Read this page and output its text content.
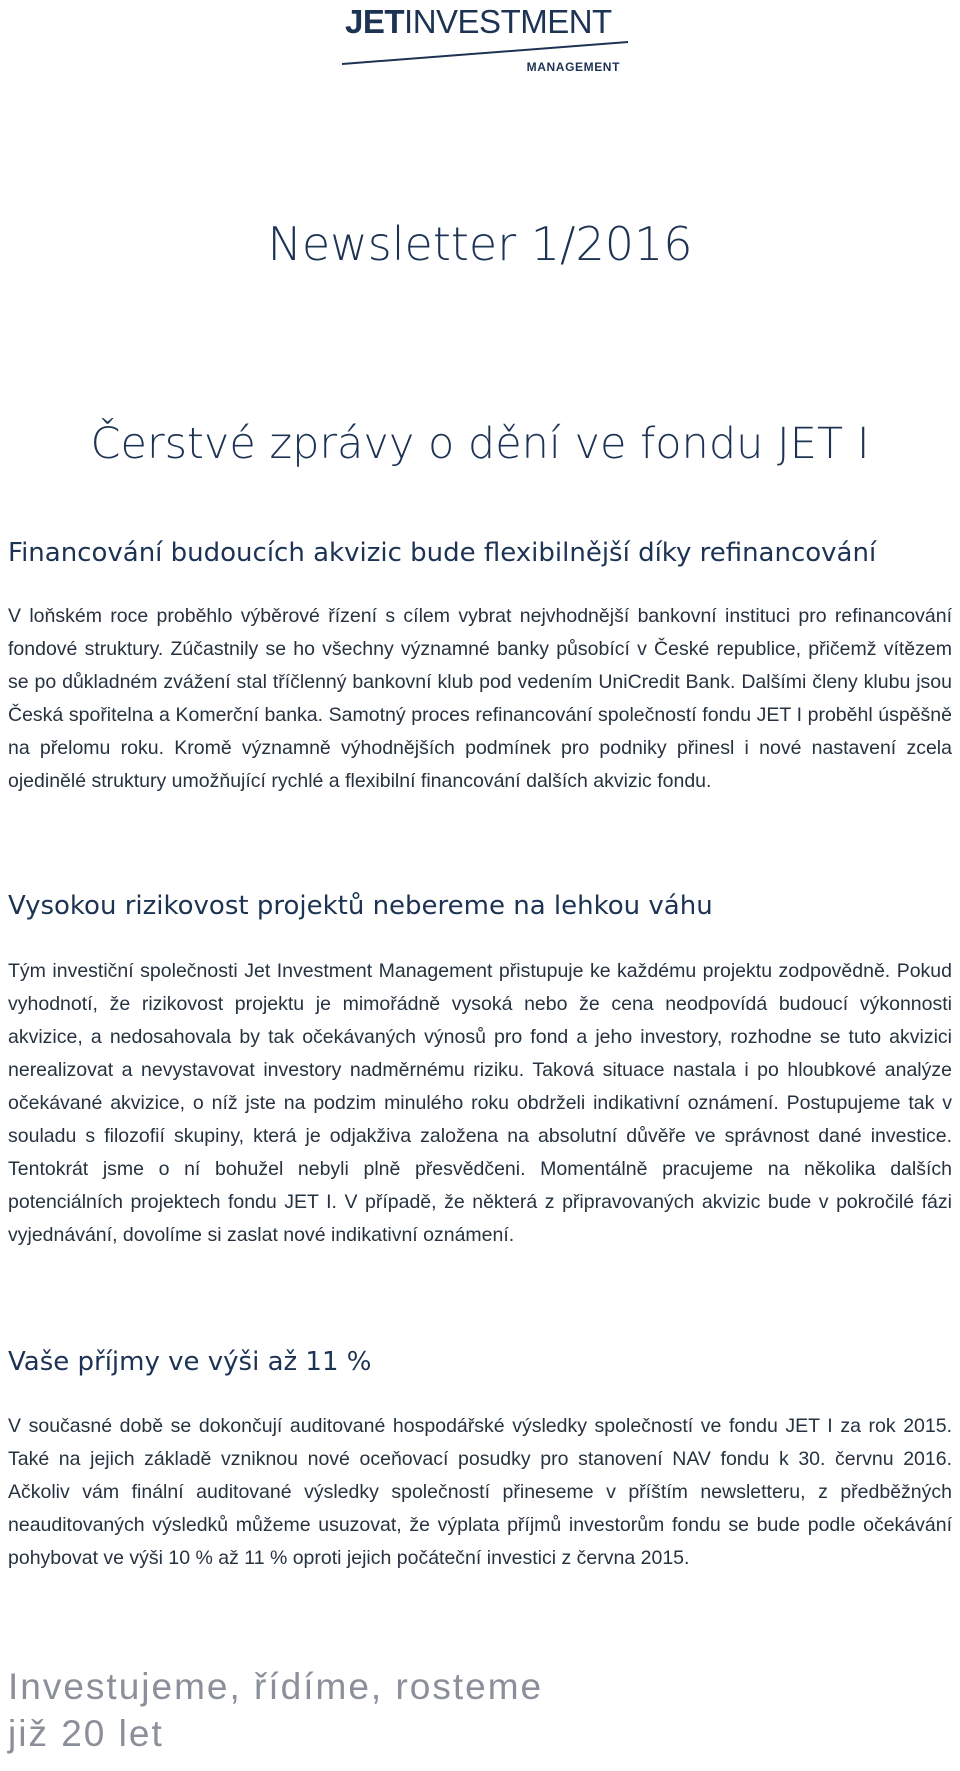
JETINVESTMENT
MANAGEMENT
Newsletter 1/2016
Čerstvé zprávy o dění ve fondu JET I
Financování budoucích akvizic bude flexibilnější díky refinancování

V loňském roce proběhlo výběrové řízení s cílem vybrat nejvhodnější bankovní instituci pro refinancování fondové struktury. Zúčastnily se ho všechny významné banky působící v České republice, přičemž vítězem se po důkladném zvážení stal tříčlenný bankovní klub pod vedením UniCredit Bank. Dalšími členy klubu jsou Česká spořitelna a Komerční banka. Samotný proces refinancování společností fondu JET I proběhl úspěšně na přelomu roku. Kromě významně výhodnějších podmínek pro podniky přinesl i nové nastavení zcela ojedinělé struktury umožňující rychlé a flexibilní financování dalších akvizic fondu.

Vysokou rizikovost projektů nebereme na lehkou váhu

Tým investiční společnosti Jet Investment Management přistupuje ke každému projektu zodpovědně. Pokud vyhodnotí, že rizikovost projektu je mimořádně vysoká nebo že cena neodpovídá budoucí výkonnosti akvizice, a nedosahovala by tak očekávaných výnosů pro fond a jeho investory, rozhodne se tuto akvizici nerealizovat a nevystavovat investory nadměrnému riziku. Taková situace nastala i po hloubkové analýze očekávané akvizice, o níž jste na podzim minulého roku obdrželi indikativní oznámení. Postupujeme tak v souladu s filozofií skupiny, která je odjakživa založena na absolutní důvěře ve správnost dané investice. Tentokrát jsme o ní bohužel nebyli plně přesvědčeni. Momentálně pracujeme na několika dalších potenciálních projektech fondu JET I. V případě, že některá z připravovaných akvizic bude v pokročilé fázi vyjednávání, dovolíme si zaslat nové indikativní oznámení.

Vaše příjmy ve výši až 11 %

V současné době se dokončují auditované hospodářské výsledky společností ve fondu JET I za rok 2015. Také na jejich základě vzniknou nové oceňovací posudky pro stanovení NAV fondu k 30. červnu 2016. Ačkoliv vám finální auditované výsledky společností přineseme v příštím newsletteru, z předběžných neauditovaných výsledků můžeme usuzovat, že výplata příjmů investorům fondu se bude podle očekávání pohybovat ve výši 10 % až 11 % oproti jejich počáteční investici z června 2015.

Investujeme, řídíme, rosteme
již 20 let
